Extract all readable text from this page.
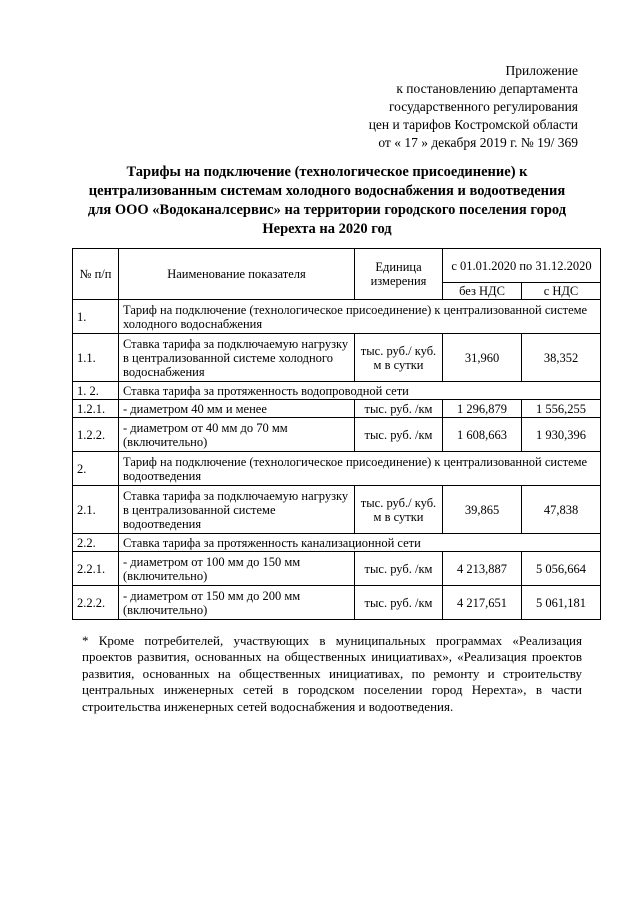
Приложение
к постановлению департамента
государственного регулирования
цен и тарифов Костромской области
от « 17 » декабря 2019 г. № 19/ 369
Тарифы на подключение (технологическое присоединение) к
централизованным системам холодного водоснабжения и водоотведения
для ООО «Водоканалсервис» на территории городского поселения город
Нерехта на 2020 год
№ п/п	Наименование показателя	Единица измерения	с 01.01.2020 по 31.12.2020	
			без НДС	с НДС
1.	Тариф на подключение (технологическое присоединение) к централизованной системе холодного водоснабжения			
1.1.	Ставка тарифа за подключаемую нагрузку в централизованной системе холодного водоснабжения	тыс. руб./ куб. м в сутки	31,960	38,352
1. 2.	Ставка тарифа за протяженность водопроводной сети			
1.2.1.	- диаметром 40 мм и менее	тыс. руб. /км	1 296,879	1 556,255
1.2.2.	- диаметром от 40 мм до 70 мм (включительно)	тыс. руб. /км	1 608,663	1 930,396
2.	Тариф на подключение (технологическое присоединение) к централизованной системе водоотведения			
2.1.	Ставка тарифа за подключаемую нагрузку в централизованной системе водоотведения	тыс. руб./ куб. м в сутки	39,865	47,838
2.2.	Ставка тарифа за протяженность канализационной сети			
2.2.1.	- диаметром от 100 мм до 150 мм (включительно)	тыс. руб. /км	4 213,887	5 056,664
2.2.2.	- диаметром от 150 мм до 200 мм (включительно)	тыс. руб. /км	4 217,651	5 061,181
* Кроме потребителей, участвующих в муниципальных программах «Реализация проектов развития, основанных на общественных инициативах», «Реализация проектов развития, основанных на общественных инициативах, по ремонту и строительству центральных инженерных сетей в городском поселении город Нерехта», в части строительства инженерных сетей водоснабжения и водоотведения.
